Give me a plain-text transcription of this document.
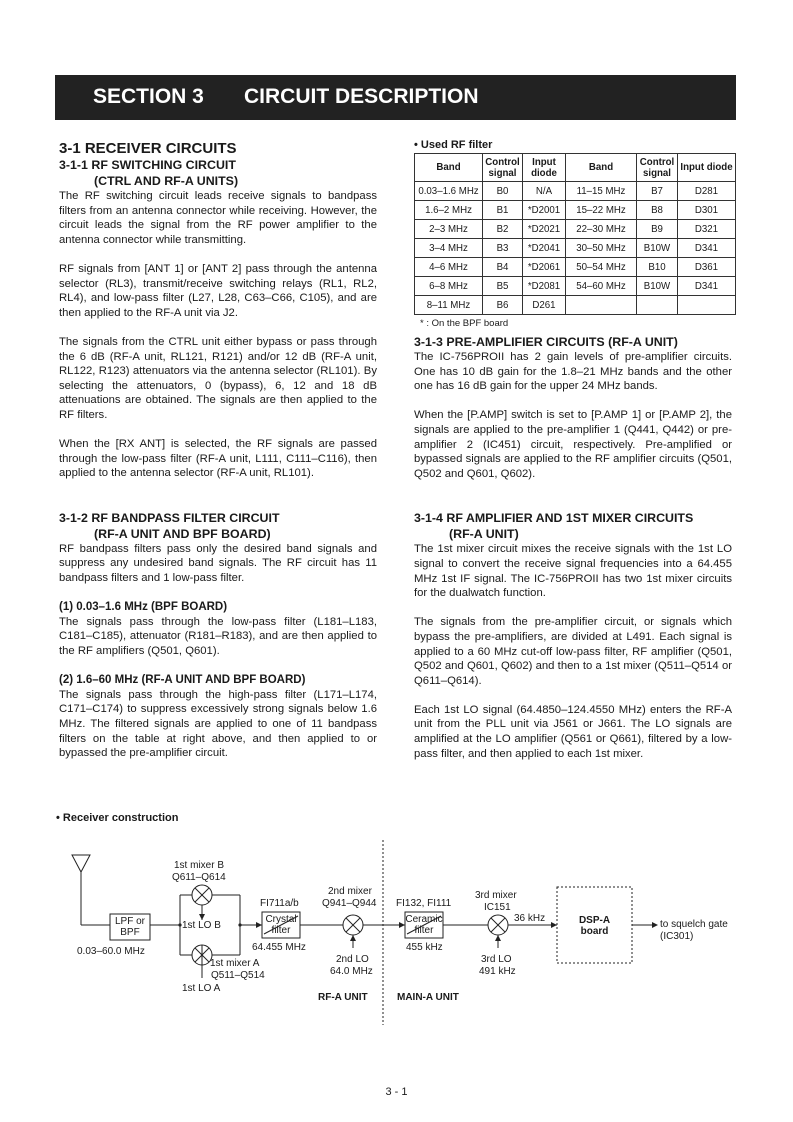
SECTION 3 CIRCUIT DESCRIPTION
3-1 RECEIVER CIRCUITS
3-1-1 RF SWITCHING CIRCUIT
(CTRL AND RF-A UNITS)

The RF switching circuit leads receive signals to bandpass filters from an antenna connector while receiving. However, the circuit leads the signal from the RF power amplifier to the antenna connector while transmitting.

RF signals from [ANT 1] or [ANT 2] pass through the antenna selector (RL3), transmit/receive switching relays (RL1, RL2, RL4), and low-pass filter (L27, L28, C63–C66, C105), and are then applied to the RF-A unit via J2.

The signals from the CTRL unit either bypass or pass through the 6 dB (RF-A unit, RL121, R121) and/or 12 dB (RF-A unit, RL122, R123) attenuators via the antenna selector (RL101). By selecting the attenuators, 0 (bypass), 6, 12 and 18 dB attenuations are obtained. The signals are then applied to the RF filters.

When the [RX ANT] is selected, the RF signals are passed through the low-pass filter (RF-A unit, L111, C111–C116), then applied to the antenna selector (RF-A unit, RL101).

3-1-2 RF BANDPASS FILTER CIRCUIT
(RF-A UNIT AND BPF BOARD)

RF bandpass filters pass only the desired band signals and suppress any undesired band signals. The RF circuit has 11 bandpass filters and 1 low-pass filter.

(1) 0.03–1.6 MHz (BPF BOARD)

The signals pass through the low-pass filter (L181–L183, C181–C185), attenuator (R181–R183), and are then applied to the RF amplifiers (Q501, Q601).

(2) 1.6–60 MHz (RF-A UNIT AND BPF BOARD)

The signals pass through the high-pass filter (L171–L174, C171–C174) to suppress excessively strong signals below 1.6 MHz. The filtered signals are applied to one of 11 bandpass filters on the table at right above, and then applied to or bypassed the pre-amplifier circuit.

• Used RF filter
Band	Control signal	Input diode	Band	Control signal	Input diode
0.03–1.6 MHz	B0	N/A	11–15 MHz	B7	D281
1.6–2 MHz	B1	*D2001	15–22 MHz	B8	D301
2–3 MHz	B2	*D2021	22–30 MHz	B9	D321
3–4 MHz	B3	*D2041	30–50 MHz	B10W	D341
4–6 MHz	B4	*D2061	50–54 MHz	B10	D361
6–8 MHz	B5	*D2081	54–60 MHz	B10W	D341
8–11 MHz	B6	D261			
* : On the BPF board
3-1-3 PRE-AMPLIFIER CIRCUITS (RF-A UNIT)

The IC-756PROII has 2 gain levels of pre-amplifier circuits. One has 10 dB gain for the 1.8–21 MHz bands and the other one has 16 dB gain for the upper 24 MHz bands.

When the [P.AMP] switch is set to [P.AMP 1] or [P.AMP 2], the signals are applied to the pre-amplifier 1 (Q441, Q442) or pre-amplifier 2 (IC451) circuit, respectively. Pre-amplified or bypassed signals are applied to the RF amplifier circuits (Q501, Q502 and Q601, Q602).

3-1-4 RF AMPLIFIER AND 1ST MIXER CIRCUITS
(RF-A UNIT)

The 1st mixer circuit mixes the receive signals with the 1st LO signal to convert the receive signal frequencies into a 64.455 MHz 1st IF signal. The IC-756PROII has two 1st mixer circuits for the dualwatch function.

The signals from the pre-amplifier circuit, or signals which bypass the pre-amplifiers, are divided at L491. Each signal is applied to a 60 MHz cut-off low-pass filter, RF amplifier (Q501, Q502 and Q601, Q602) and then to a 1st mixer (Q511–Q514 or Q611–Q614).

Each 1st LO signal (64.4850–124.4550 MHz) enters the RF-A unit from the PLL unit via J561 or J661. The LO signals are amplified at the LO amplifier (Q561 or Q661), filtered by a low-pass filter, and then applied to each 1st mixer.

• Receiver construction
LPF or BPF
0.03–60.0 MHz
1st mixer B
Q611–Q614
1st LO B
1st mixer A
Q511–Q514
1st LO A
FI711a/b
Crystal filter
64.455 MHz
2nd mixer
Q941–Q944
2nd LO
64.0 MHz
FI132, FI111
Ceramic filter
455 kHz
3rd mixer
IC151
36 kHz
3rd LO
491 kHz
DSP-A board
to squelch gate
(IC301)
RF-A UNIT	MAIN-A UNIT
3 - 1
